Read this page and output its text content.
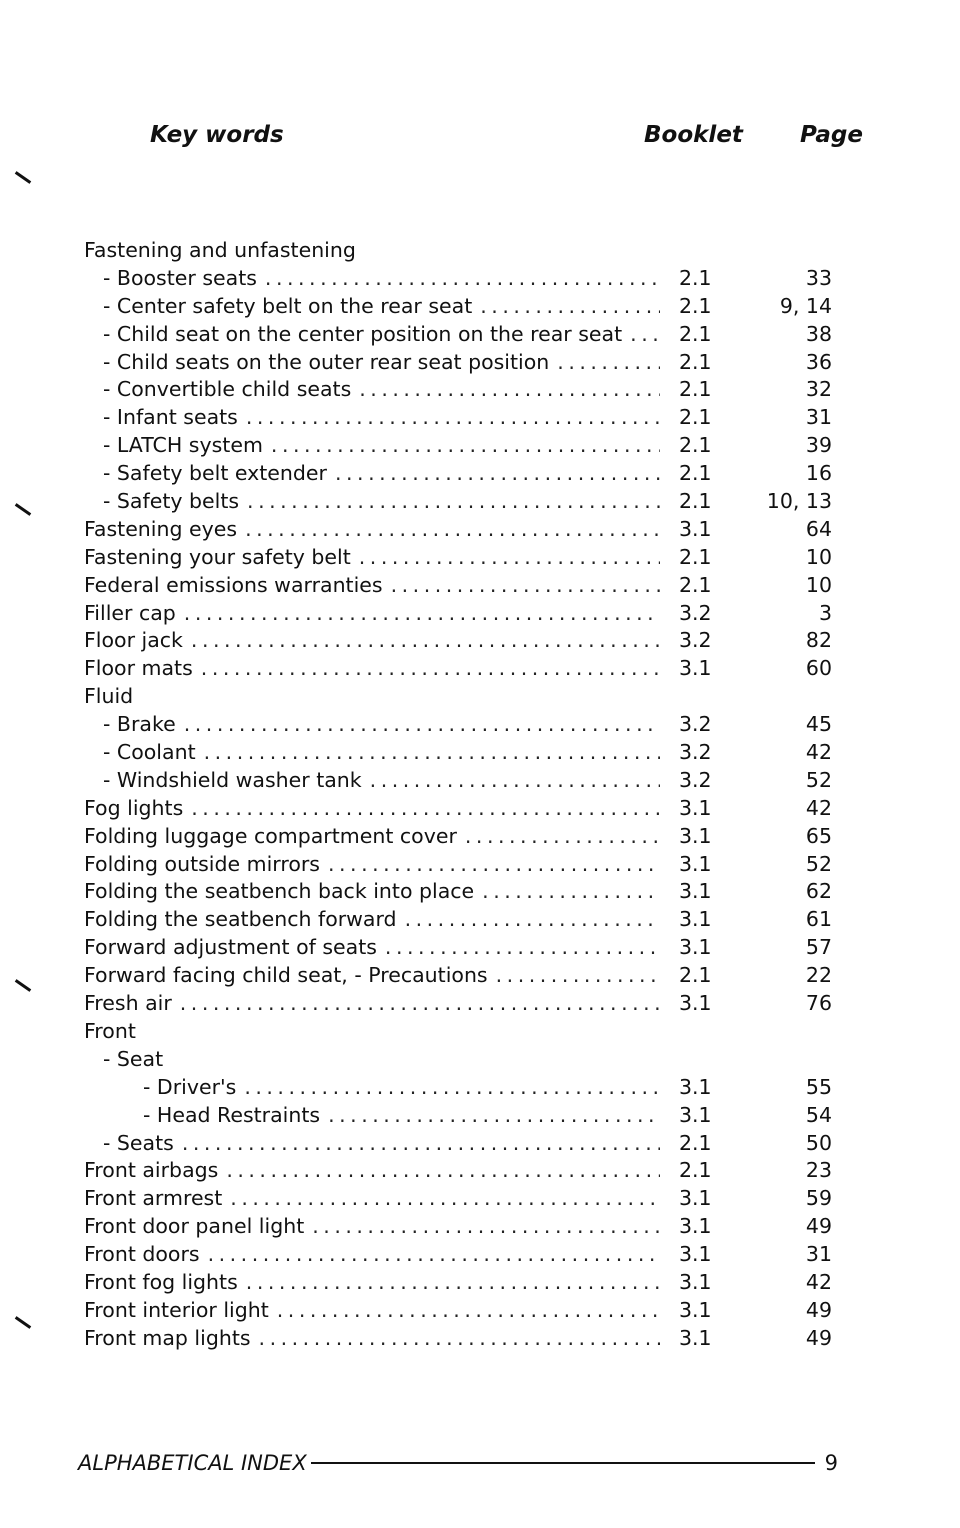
Key words	Booklet Page
Fastening and unfastening
- Booster seats . . .	2.1	33
- Center safety belt on the rear seat . . .	2.1	9, 14
- Child seat on the center position on the rear seat . . .	2.1	38
- Child seats on the outer rear seat position . . .	2.1	36
- Convertible child seats . . .	2.1	32
- Infant seats . . .	2.1	31
- LATCH system . . .	2.1	39
- Safety belt extender . . .	2.1	16
- Safety belts . . .	2.1	10, 13
Fastening eyes . . .	3.1	64
Fastening your safety belt . . .	2.1	10
Federal emissions warranties . . .	2.1	10
Filler cap . . .	3.2	3
Floor jack . . .	3.2	82
Floor mats . . .	3.1	60
Fluid
- Brake . . .	3.2	45
- Coolant . . .	3.2	42
- Windshield washer tank . . .	3.2	52
Fog lights . . .	3.1	42
Folding luggage compartment cover . . .	3.1	65
Folding outside mirrors . . .	3.1	52
Folding the seatbench back into place . . .	3.1	62
Folding the seatbench forward . . .	3.1	61
Forward adjustment of seats . . .	3.1	57
Forward facing child seat, - Precautions . . .	2.1	22
Fresh air . . .	3.1	76
Front
- Seat
- Driver's . . .	3.1	55
- Head Restraints . . .	3.1	54
- Seats . . .	2.1	50
Front airbags . . .	2.1	23
Front armrest . . .	3.1	59
Front door panel light . . .	3.1	49
Front doors . . .	3.1	31
Front fog lights . . .	3.1	42
Front interior light . . .	3.1	49
Front map lights . . .	3.1	49
ALPHABETICAL INDEX	9
